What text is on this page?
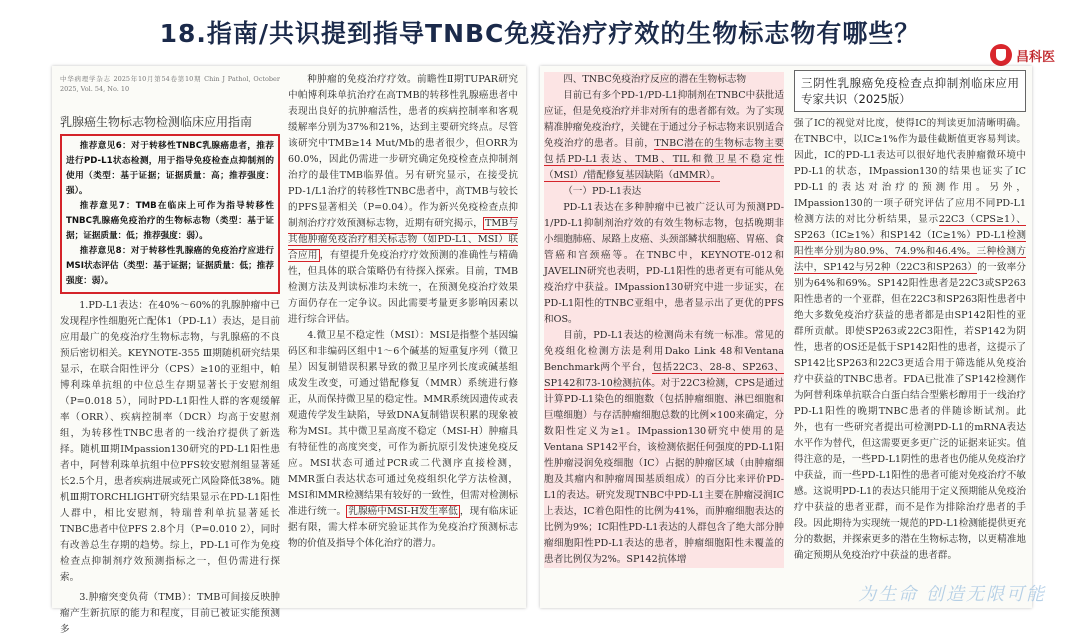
18.指南/共识提到指导TNBC免疫治疗疗效的生物标志物有哪些？
昌科医
中华病理学杂志 2025年10月第54卷第10期 Chin J Pathol, October 2025, Vol. 54, No. 10
乳腺癌生物标志物检测临床应用指南
推荐意见6：对于转移性TNBC乳腺癌患者，推荐进行PD-L1状态检测，用于指导免疫检查点抑制剂的使用（类型：基于证据；证据质量：高；推荐强度：强）。
推荐意见7：TMB在临床上可作为指导转移性TNBC乳腺癌免疫治疗的生物标志物（类型：基于证据；证据质量：低；推荐强度：弱）。
推荐意见8：对于转移性乳腺癌的免疫治疗应进行MSI状态评估（类型：基于证据；证据质量：低；推荐强度：弱）。

1.PD-L1表达：在40%～60%的乳腺肿瘤中已发现程序性细胞死亡配体1（PD-L1）表达，是目前应用最广的免疫治疗生物标志物，与乳腺癌的不良预后密切相关。KEYNOTE-355 Ⅲ期随机研究结果显示，在联合阳性评分（CPS）≥10的亚组中，帕博利珠单抗组的中位总生存期显著长于安慰剂组（P=0.018 5），同时PD-L1阳性人群的客观缓解率（ORR）、疾病控制率（DCR）均高于安慰剂组，为转移性TNBC患者的一线治疗提供了新选择。随机Ⅲ期IMpassion130研究的PD-L1阳性患者中，阿替利珠单抗组中位PFS较安慰剂组显著延长2.5个月，患者疾病进展或死亡风险降低38%。随机Ⅲ期TORCHLIGHT研究结果显示在PD-L1阳性人群中，相比安慰剂，特瑞普利单抗显著延长TNBC患者中位PFS 2.8个月（P=0.010 2），同时有改善总生存期的趋势。综上，PD-L1可作为免疫检查点抑制剂疗效预测指标之一，但仍需进行探索。

3.肿瘤突变负荷（TMB）：TMB可间接反映肿瘤产生新抗原的能力和程度，目前已被证实能预测多

种肿瘤的免疫治疗疗效。前瞻性Ⅱ期TUPAR研究中帕博利珠单抗治疗在高TMB的转移性乳腺癌患者中表现出良好的抗肿瘤活性，患者的疾病控制率和客观缓解率分别为37%和21%，达到主要研究终点。尽管该研究中TMB≥14 Mut/Mb的患者很少，但ORR为60.0%，因此仍需进一步研究确定免疫检查点抑制剂治疗的最佳TMB临界值。另有研究显示，在接受抗PD-1/L1治疗的转移性TNBC患者中，高TMB与较长的PFS显著相关（P=0.04）。作为新兴免疫检查点抑制剂治疗疗效预测标志物，近期有研究揭示， TMB与其他肿瘤免疫治疗相关标志物（如PD-L1、MSI）联合应用 ，有望提升免疫治疗疗效预测的准确性与精确性，但具体的联合策略仍有待探入探索。目前，TMB检测方法及判读标准均未统一，在预测免疫治疗效果方面仍存在一定争议。因此需要考量更多影响因素以进行综合评估。

4.微卫星不稳定性（MSI）：MSI是指整个基因编码区和非编码区组中1～6个碱基的短重复序列（微卫星）因复制错误积累导致的微卫星序列长度或碱基组成发生改变，可通过错配修复（MMR）系统进行修正，从而保持微卫星的稳定性。MMR系统因遗传或表观遗传学发生缺陷，导致DNA复制错误积累的现象被称为MSI。其中微卫星高度不稳定（MSI-H）肿瘤具有特征性的高度突变，可作为新抗原引发快速免疫反应。MSI状态可通过PCR或二代测序直接检测，MMR蛋白表达状态可通过免疫组织化学方法检测，MSI和MMR检测结果有较好的一致性，但需对检测标准进行统一。 乳腺癌中MSI-H发生率低 ，现有临床证据有限，需大样本研究验证其作为免疫治疗预测标志物的价值及指导个体化治疗的潜力。

四、TNBC免疫治疗反应的潜在生物标志物

目前已有多个PD-1/PD-L1抑制剂在TNBC中获批适应证，但是免疫治疗并非对所有的患者都有效。为了实现精准肿瘤免疫治疗，关键在于通过分子标志物来识别适合免疫治疗的患者。目前，TNBC潜在的生物标志物主要包括PD-L1表达、TMB、TIL和微卫星不稳定性（MSI）/错配修复基因缺陷（dMMR）。

（一）PD-L1表达

PD-L1表达在多种肿瘤中已被广泛认可为预测PD-1/PD-L1抑制剂治疗效的有效生物标志物，包括晚期非小细胞肺癌、尿路上皮癌、头颈部鳞状细胞癌、胃癌、食管癌和宫颈癌等。在TNBC中，KEYNOTE-012和JAVELIN研究也表明，PD-L1阳性的患者更有可能从免疫治疗中获益。IMpassion130研究中进一步证实，在PD-L1阳性的TNBC亚组中，患者显示出了更优的PFS和OS。

目前，PD-L1表达的检测尚未有统一标准。常见的免疫组化检测方法是利用Dako Link 48和Ventana Benchmark两个平台，包括22C3、28-8、SP263、SP142和73-10检测抗体。对于22C3检测，CPS是通过计算PD-L1染色的细胞数（包括肿瘤细胞、淋巴细胞和巨噬细胞）与存活肿瘤细胞总数的比例×100来确定，分数阳性定义为≥1。IMpassion130研究中使用的是Ventana SP142平台，该检测依据任何强度的PD-L1阳性肿瘤浸润免疫细胞（IC）占据的肿瘤区域（由肿瘤细胞及其瘤内和肿瘤周围基质组成）的百分比来评价PD-L1的表达。研究发现TNBC中PD-L1主要在肿瘤浸润IC上表达，IC着色阳性的比例为41%，而肿瘤细胞表达的比例为9%；IC阳性PD-L1表达的人群包含了绝大部分肿瘤细胞阳性PD-L1表达的患者，肿瘤细胞阳性未覆盖的患者比例仅为2%。SP142抗体增

三阴性乳腺癌免疫检查点抑制剂临床应用专家共识（2025版）

强了IC的视觉对比度，使得IC的判读更加清晰明确。在TNBC中，以IC≥1%作为最佳截断值更容易判读。因此，IC的PD-L1表达可以很好地代表肿瘤微环境中PD-L1的状态，IMpassion130的结果也证实了IC PD-L1的表达对治疗的预测作用。另外，IMpassion130的一项子研究评估了应用不同PD-L1检测方法的对比分析结果，显示22C3（CPS≥1）、SP263（IC≥1%）和SP142（IC≥1%）PD-L1检测阳性率分别为80.9%、74.9%和46.4%。三种检测方法中，SP142与另2种（22C3和SP263）的一致率分别为64%和69%。SP142阳性患者是22C3或SP263阳性患者的一个亚群，但在22C3和SP263阳性患者中绝大多数免疫治疗获益的患者都是由SP142阳性的亚群所贡献。即使SP263或22C3阳性，若SP142为阴性，患者的OS还是低于SP142阳性的患者，这提示了SP142比SP263和22C3更适合用于筛选能从免疫治疗中获益的TNBC患者。FDA已批准了SP142检测作为阿替利珠单抗联合白蛋白结合型紫杉醇用于一线治疗PD-L1阳性的晚期TNBC患者的伴随诊断试剂。此外，也有一些研究者提出可检测PD-L1的mRNA表达水平作为替代，但这需要更多更广泛的证据来证实。值得注意的是，一些PD-L1阴性的患者也仍能从免疫治疗中获益，而一些PD-L1阳性的患者可能对免疫治疗不敏感。这说明PD-L1的表达只能用于定义预期能从免疫治疗中获益的患者亚群，而不是作为排除治疗患者的手段。因此期待为实现统一规范的PD-L1检测能提供更充分的数据，并探索更多的潜在生物标志物，以更精准地确定预期从免疫治疗中获益的患者群。

为生命 创造无限可能
